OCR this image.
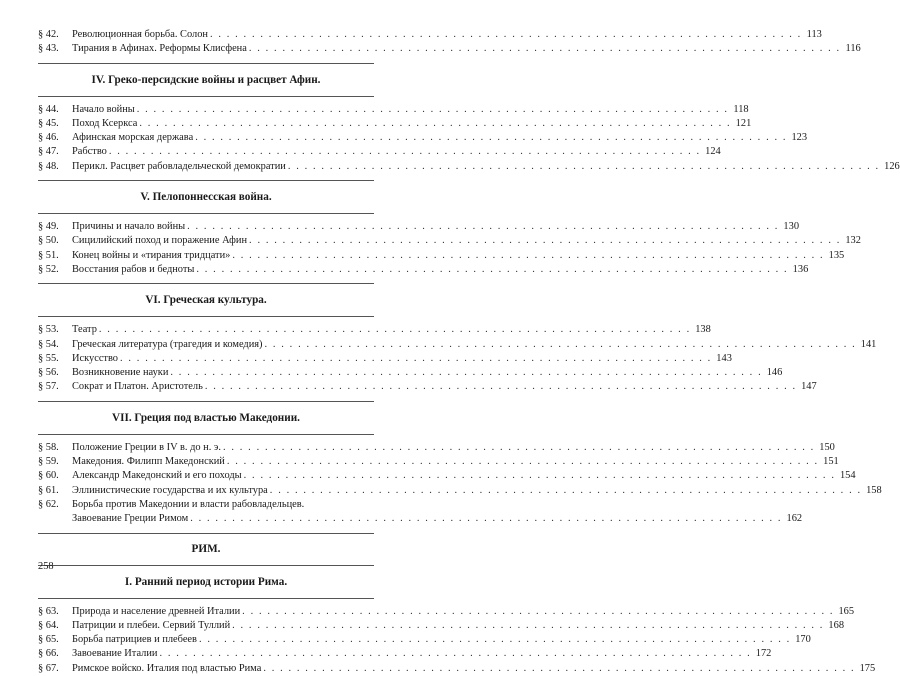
§ 42.	Революционная борьба. Солон . . .	113
§ 43.	Тирания в Афинах. Реформы Клисфена . . .	116
IV. Греко-персидские войны и расцвет Афин.
§ 44.	Начало войны . . .	118
§ 45.	Поход Ксеркса . . .	121
§ 46.	Афинская морская держава . . .	123
§ 47.	Рабство . . .	124
§ 48.	Перикл. Расцвет рабовладельческой демократии . . .	126
V. Пелопоннесская война.
§ 49.	Причины и начало войны . . .	130
§ 50.	Сицилийский поход и поражение Афин . . .	132
§ 51.	Конец войны и «тирания тридцати» . . .	135
§ 52.	Восстания рабов и бедноты . . .	136
VI. Греческая культура.
§ 53.	Театр . . .	138
§ 54.	Греческая литература (трагедия и комедия) . . .	141
§ 55.	Искусство . . .	143
§ 56.	Возникновение науки . . .	146
§ 57.	Сократ и Платон. Аристотель . . .	147
VII. Греция под властью Македонии.
§ 58.	Положение Греции в IV в. до н. э. . . .	150
§ 59.	Македония. Филипп Македонский . . .	151
§ 60.	Александр Македонский и его походы . . .	154
§ 61.	Эллинистические государства и их культура . . .	158
§ 62.	Борьба против Македонии и власти рабовладельцев.
Завоевание Греции Римом . . .	162
РИМ.
I. Ранний период истории Рима.
§ 63.	Природа и население древней Италии . . .	165
§ 64.	Патриции и плебеи. Сервий Туллий . . .	168
§ 65.	Борьба патрициев и плебеев . . .	170
§ 66.	Завоевание Италии . . .	172
§ 67.	Римское войско. Италия под властью Рима . . .	175
258
